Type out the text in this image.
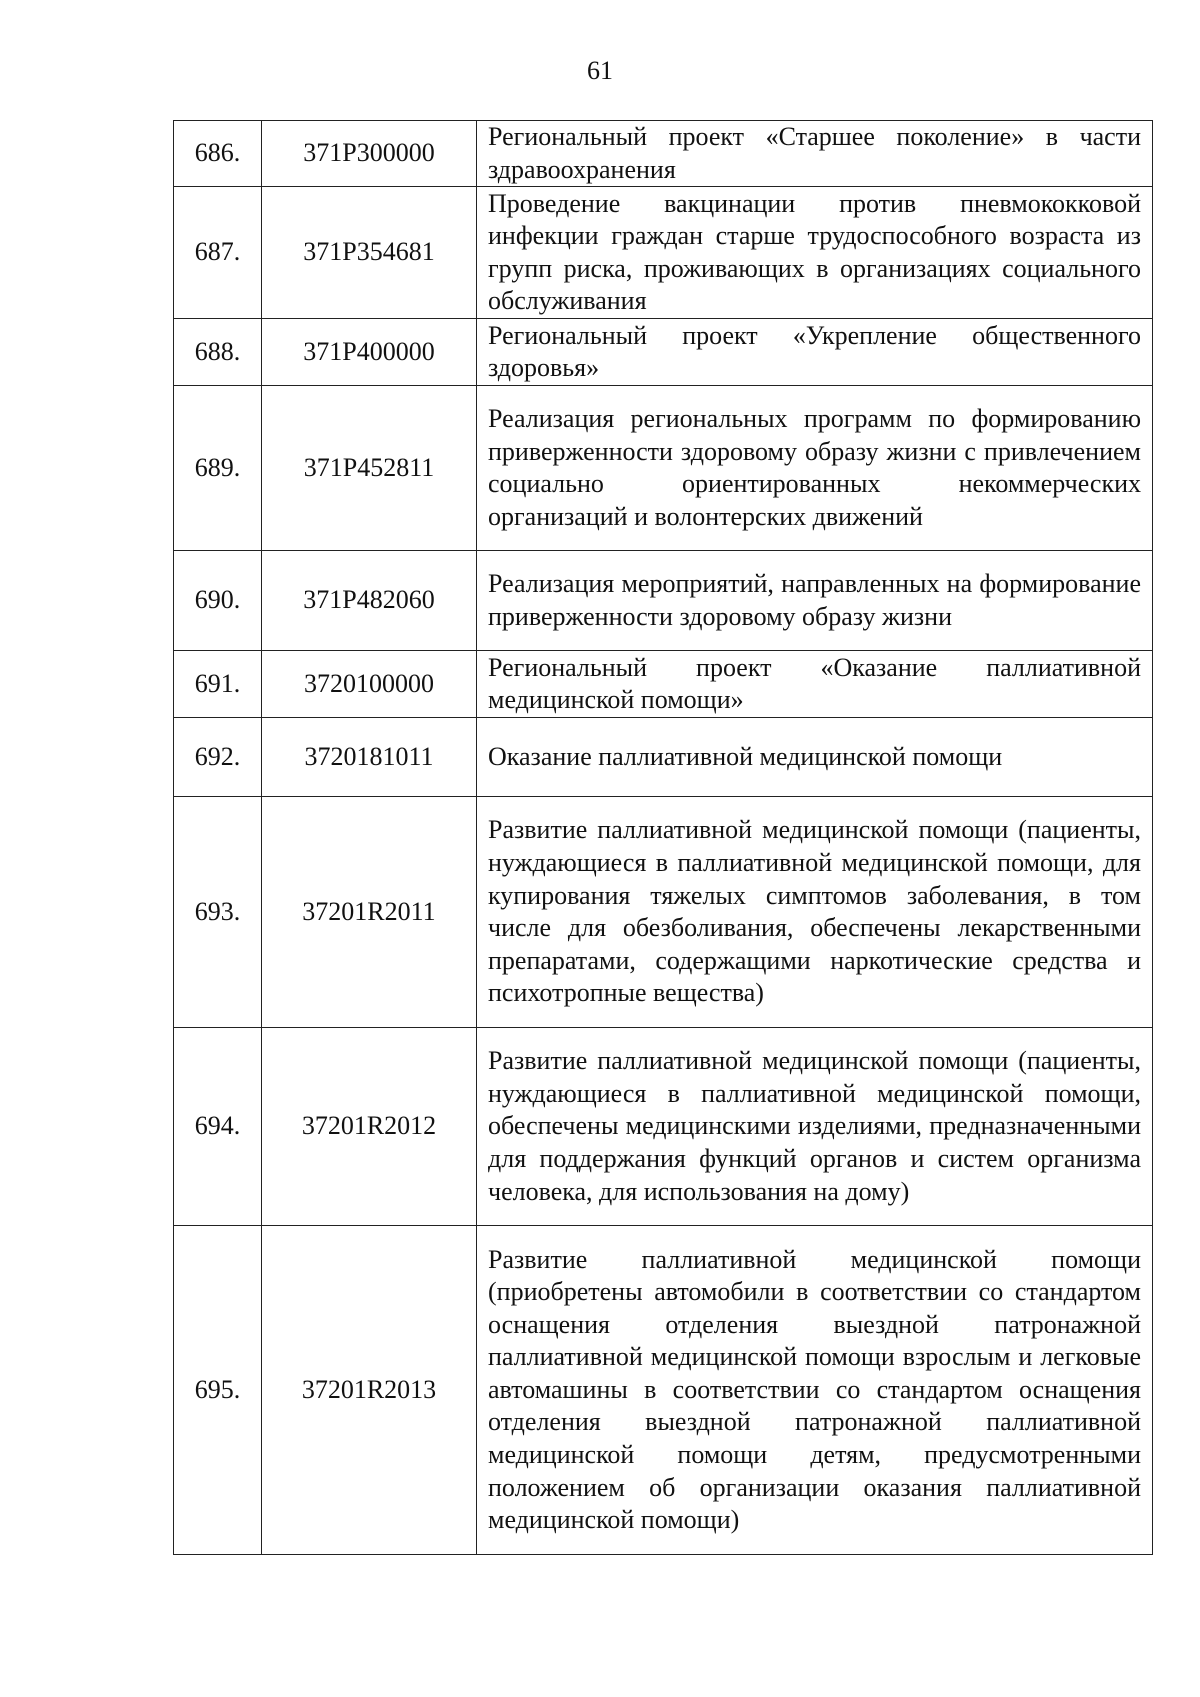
61
686.	371P300000	Региональный проект «Старшее поколение» в части здравоохранения
687.	371P354681	Проведение вакцинации против пневмококковой инфекции граждан старше трудоспособного возраста из групп риска, проживающих в организациях социального обслуживания
688.	371P400000	Региональный проект «Укрепление общественного здоровья»
689.	371P452811	Реализация региональных программ по формированию приверженности здоровому образу жизни с привлечением социально ориентированных некоммерческих организаций и волонтерских движений
690.	371P482060	Реализация мероприятий, направленных на формирование приверженности здоровому образу жизни
691.	3720100000	Региональный проект «Оказание паллиативной медицинской помощи»
692.	3720181011	Оказание паллиативной медицинской помощи
693.	37201R2011	Развитие паллиативной медицинской помощи (пациенты, нуждающиеся в паллиативной медицинской помощи, для купирования тяжелых симптомов заболевания, в том числе для обезболивания, обеспечены лекарственными препаратами, содержащими наркотические средства и психотропные вещества)
694.	37201R2012	Развитие паллиативной медицинской помощи (пациенты, нуждающиеся в паллиативной медицинской помощи, обеспечены медицинскими изделиями, предназначенными для поддержания функций органов и систем организма человека, для использования на дому)
695.	37201R2013	Развитие паллиативной медицинской помощи (приобретены автомобили в соответствии со стандартом оснащения отделения выездной патронажной паллиативной медицинской помощи взрослым и легковые автомашины в соответствии со стандартом оснащения отделения выездной патронажной паллиативной медицинской помощи детям, предусмотренными положением об организации оказания паллиативной медицинской помощи)
